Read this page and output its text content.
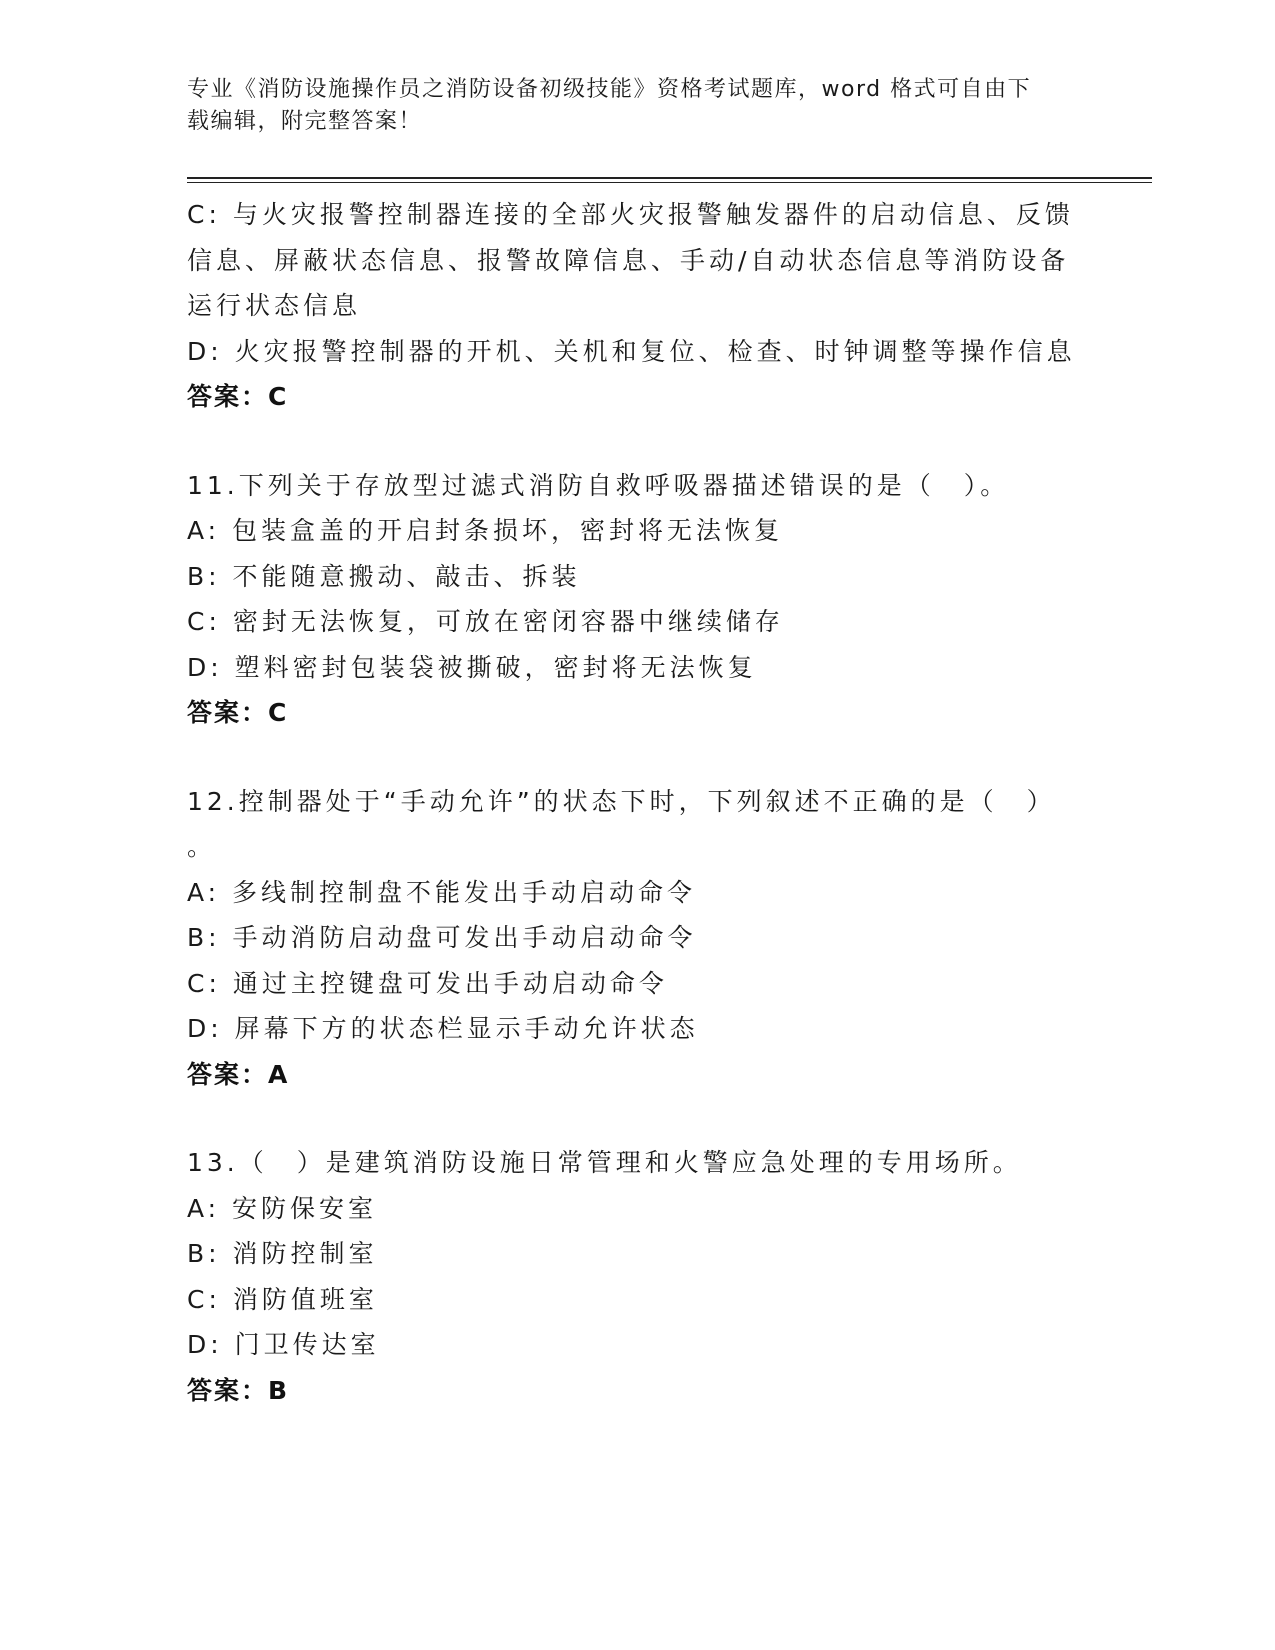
专业《消防设施操作员之消防设备初级技能》资格考试题库，word 格式可自由下
载编辑，附完整答案！
C: 与火灾报警控制器连接的全部火灾报警触发器件的启动信息、反馈
信息、屏蔽状态信息、报警故障信息、手动/自动状态信息等消防设备
运行状态信息
D: 火灾报警控制器的开机、关机和复位、检查、时钟调整等操作信息
答案：C
11.下列关于存放型过滤式消防自救呼吸器描述错误的是（　）。
A: 包装盒盖的开启封条损坏，密封将无法恢复
B: 不能随意搬动、敲击、拆装
C: 密封无法恢复，可放在密闭容器中继续储存
D: 塑料密封包装袋被撕破，密封将无法恢复
答案：C
12.控制器处于“手动允许”的状态下时，下列叙述不正确的是（　）
。
A: 多线制控制盘不能发出手动启动命令
B: 手动消防启动盘可发出手动启动命令
C: 通过主控键盘可发出手动启动命令
D: 屏幕下方的状态栏显示手动允许状态
答案：A
13.（　）是建筑消防设施日常管理和火警应急处理的专用场所。
A: 安防保安室
B: 消防控制室
C: 消防值班室
D: 门卫传达室
答案：B
